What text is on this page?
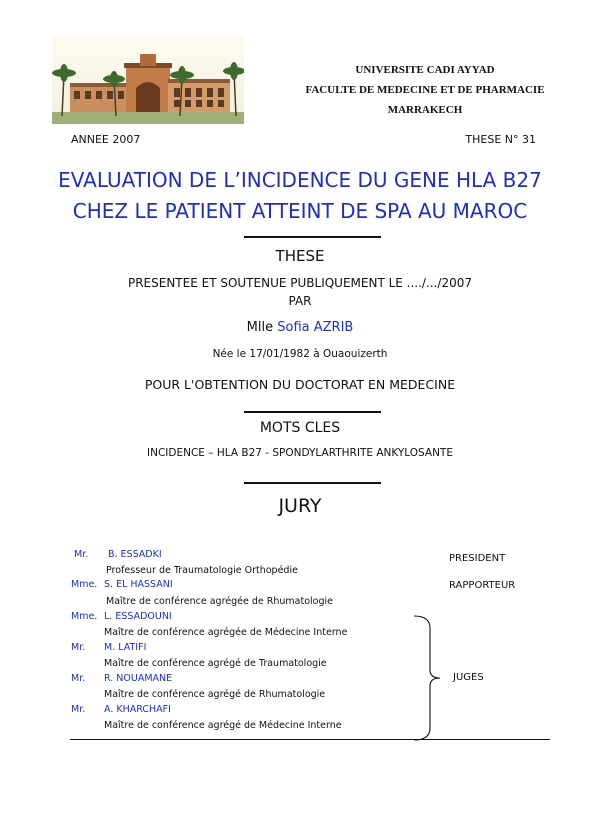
UNIVERSITE CADI AYYAD
FACULTE DE MEDECINE ET DE PHARMACIE
MARRAKECH
ANNEE 2007	THESE N° 31
EVALUATION DE L’INCIDENCE DU GENE HLA B27
CHEZ LE PATIENT ATTEINT DE SPA AU MAROC
THESE
PRESENTEE ET SOUTENUE PUBLIQUEMENT LE ..../.../2007
PAR
Mlle Sofia AZRIB
Née le 17/01/1982 à Ouaouizerth
POUR L'OBTENTION DU DOCTORAT EN MEDECINE
MOTS CLES
INCIDENCE – HLA B27 - SPONDYLARTHRITE ANKYLOSANTE
JURY
Mr. B. ESSADKI
Professeur de Traumatologie Orthopédie
Mme. S. EL HASSANI
Maître de conférence agrégée de Rhumatologie
Mme. L. ESSADOUNI
Maître de conférence agrégée de Médecine Interne
Mr. M. LATIFI
Maître de conférence agrégé de Traumatologie
Mr. R. NOUAMANE
Maître de conférence agrégé de Rhumatologie
Mr. A. KHARCHAFI
Maître de conférence agrégé de Médecine Interne
PRESIDENT
RAPPORTEUR
JUGES
